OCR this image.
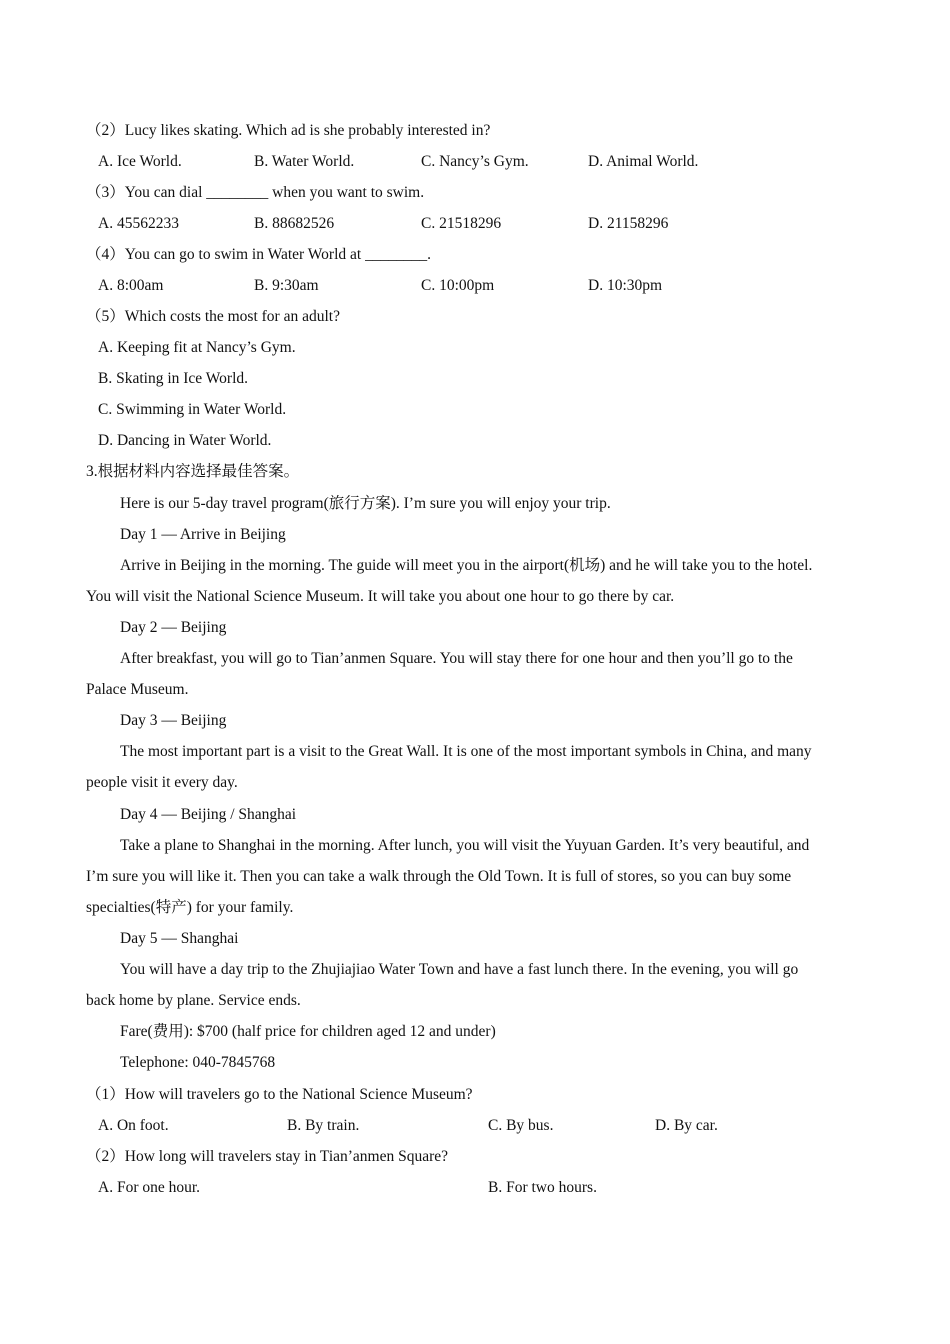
（2）Lucy likes skating. Which ad is she probably interested in?
A. Ice World.	B. Water World.	C. Nancy’s Gym.	D. Animal World.
（3）You can dial ________ when you want to swim.
A. 45562233	B. 88682526	C. 21518296	D. 21158296
（4）You can go to swim in Water World at ________.
A. 8:00am	B. 9:30am	C. 10:00pm	D. 10:30pm
（5）Which costs the most for an adult?
A. Keeping fit at Nancy’s Gym.
B. Skating in Ice World.
C. Swimming in Water World.
D. Dancing in Water World.
3.根据材料内容选择最佳答案。
Here is our 5-day travel program(旅行方案). I’m sure you will enjoy your trip.
Day 1 — Arrive in Beijing
Arrive in Beijing in the morning. The guide will meet you in the airport(机场) and he will take you to the hotel.
You will visit the National Science Museum. It will take you about one hour to go there by car.
Day 2 — Beijing
After breakfast, you will go to Tian’anmen Square. You will stay there for one hour and then you’ll go to the
Palace Museum.
Day 3 — Beijing
The most important part is a visit to the Great Wall. It is one of the most important symbols in China, and many
people visit it every day.
Day 4 — Beijing / Shanghai
Take a plane to Shanghai in the morning. After lunch, you will visit the Yuyuan Garden. It’s very beautiful, and
I’m sure you will like it. Then you can take a walk through the Old Town. It is full of stores, so you can buy some
specialties(特产) for your family.
Day 5 — Shanghai
You will have a day trip to the Zhujiajiao Water Town and have a fast lunch there. In the evening, you will go
back home by plane. Service ends.
Fare(费用): $700 (half price for children aged 12 and under)
Telephone: 040-7845768
（1）How will travelers go to the National Science Museum?
A. On foot.	B. By train.	C. By bus.	D. By car.
（2）How long will travelers stay in Tian’anmen Square?
A. For one hour.	B. For two hours.
